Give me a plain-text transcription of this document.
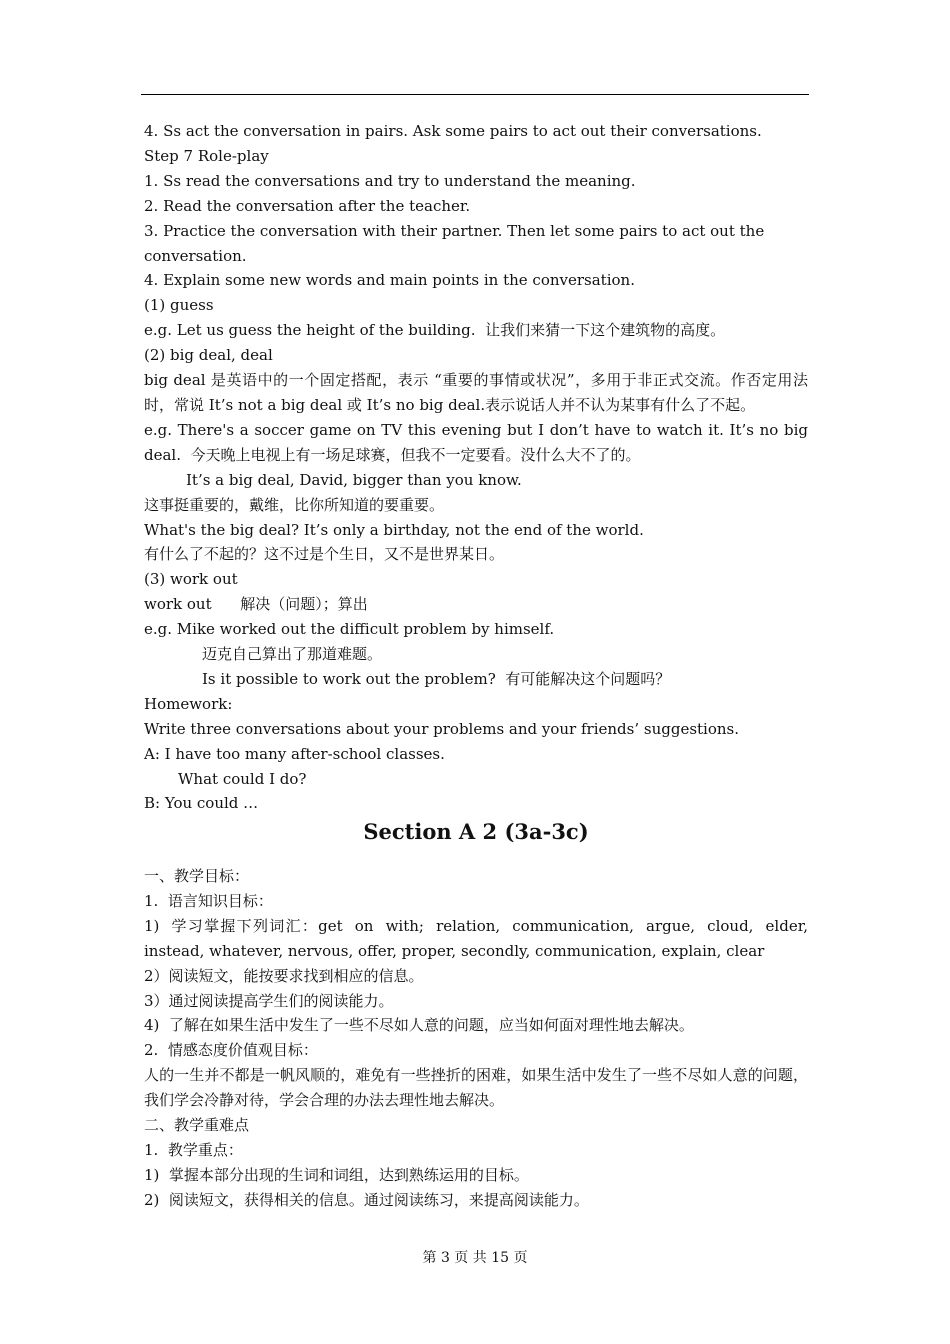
4. Ss act the conversation in pairs. Ask some pairs to act out their conversations.
Step 7 Role-play
1. Ss read the conversations and try to understand the meaning.
2. Read the conversation after the teacher.
3. Practice the conversation with their partner. Then let some pairs to act out the conversation.
4. Explain some new words and main points in the conversation.
(1) guess
e.g. Let us guess the height of the building.  让我们来猜一下这个建筑物的高度。
(2) big deal, deal
big deal 是英语中的一个固定搭配，表示 “重要的事情或状况”，多用于非正式交流。作否定用法时，常说 It’s not a big deal 或 It’s no big deal.表示说话人并不认为某事有什么了不起。
e.g. There's a soccer game on TV this evening but I don’t have to watch it. It’s no big deal.  今天晚上电视上有一场足球赛，但我不一定要看。没什么大不了的。
It’s a big deal, David, bigger than you know.
这事挺重要的，戴维，比你所知道的要重要。
What's the big deal? It’s only a birthday, not the end of the world.
有什么了不起的？这不过是个生日，又不是世界某日。
(3) work out
work out      解决（问题）；算出
e.g. Mike worked out the difficult problem by himself.
迈克自己算出了那道难题。
Is it possible to work out the problem?  有可能解决这个问题吗？
Homework:
Write three conversations about your problems and your friends’ suggestions.
A: I have too many after-school classes.
What could I do?
B: You could …
Section A 2 (3a-3c)
一、教学目标：
1.  语言知识目标：
1)  学习掌握下列词汇：get  on  with;  relation,  communication,  argue,  cloud,  elder,  instead, whatever, nervous, offer, proper, secondly, communication, explain, clear
2）阅读短文，能按要求找到相应的信息。
3）通过阅读提高学生们的阅读能力。
4)  了解在如果生活中发生了一些不尽如人意的问题，应当如何面对理性地去解决。
2.  情感态度价值观目标：
人的一生并不都是一帆风顺的，难免有一些挫折的困难，如果生活中发生了一些不尽如人意的问题，我们学会冷静对待，学会合理的办法去理性地去解决。
二、教学重难点
1.  教学重点：
1)  掌握本部分出现的生词和词组，达到熟练运用的目标。
2)  阅读短文，获得相关的信息。通过阅读练习，来提高阅读能力。
第 3 页 共 15 页
